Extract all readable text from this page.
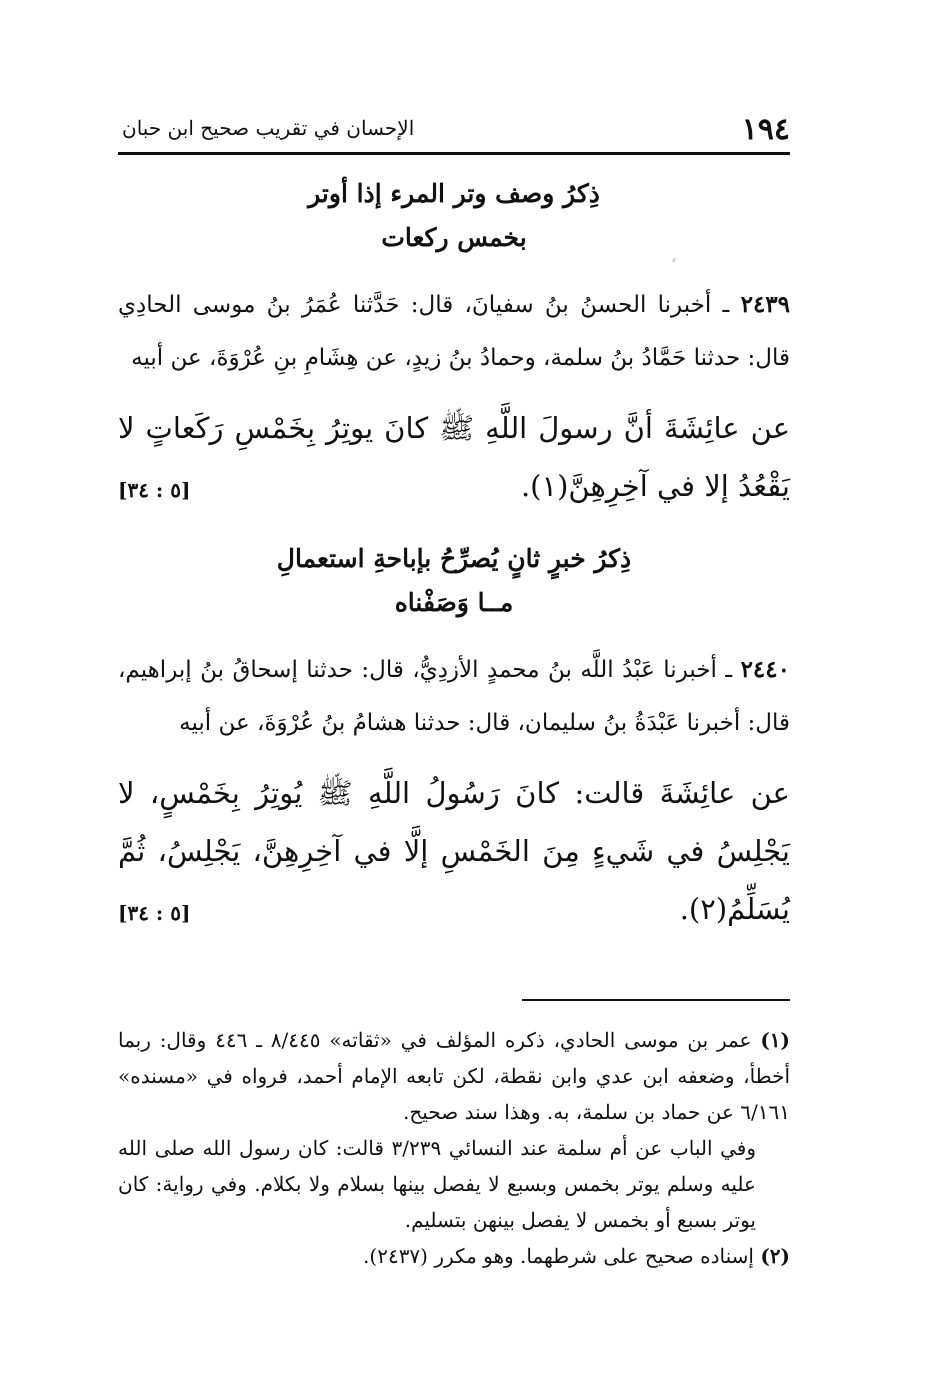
١٩٤
الإحسان في تقريب صحيح ابن حبان
⸗
ذِكرُ وصف وتر المرء إذا أوتر
بخمس ركعات

٢٤٣٩ ـ أخبرنا الحسنُ بنُ سفيانَ، قال: حَدَّثنا عُمَرُ بنُ موسى الحادِي قال: حدثنا حَمَّادُ بنُ سلمة، وحمادُ بنُ زيدٍ، عن هِشَامِ بنِ عُرْوَةَ، عن أبيه

عن عائِشَةَ أنَّ رسولَ اللَّهِ ﷺ كانَ يوتِرُ بِخَمْسِ رَكَعاتٍ لا يَقْعُدُ إلا في آخِرِهِنَّ(١).
[٥ : ٣٤]

ذِكرُ خبرٍ ثانٍ يُصرِّحُ بإباحةِ استعمالِ
مــا وَصَفْناه

٢٤٤٠ ـ أخبرنا عَبْدُ اللَّه بنُ محمدٍ الأزدِيُّ، قال: حدثنا إسحاقُ بنُ إبراهيم، قال: أخبرنا عَبْدَةُ بنُ سليمان، قال: حدثنا هشامُ بنُ عُرْوَةَ، عن أبيه

عن عائِشَةَ قالت: كانَ رَسُولُ اللَّهِ ﷺ يُوتِرُ بِخَمْسٍ، لا يَجْلِسُ في شَيءٍ مِنَ الخَمْسِ إلَّا في آخِرِهِنَّ، يَجْلِسُ، ثُمَّ يُسَلِّمُ(٢).
[٥ : ٣٤]

(١) عمر بن موسى الحادي، ذكره المؤلف في «ثقاته» ٨/٤٤٥ ـ ٤٤٦ وقال: ربما أخطأ، وضعفه ابن عدي وابن نقطة، لكن تابعه الإمام أحمد، فرواه في «مسنده» ٦/١٦١ عن حماد بن سلمة، به. وهذا سند صحيح.

وفي الباب عن أم سلمة عند النسائي ٣/٢٣٩ قالت: كان رسول الله صلى الله عليه وسلم يوتر بخمس وبسبع لا يفصل بينها بسلام ولا بكلام. وفي رواية: كان يوتر بسبع أو بخمس لا يفصل بينهن بتسليم.

(٢) إسناده صحيح على شرطهما. وهو مكرر (٢٤٣٧).
